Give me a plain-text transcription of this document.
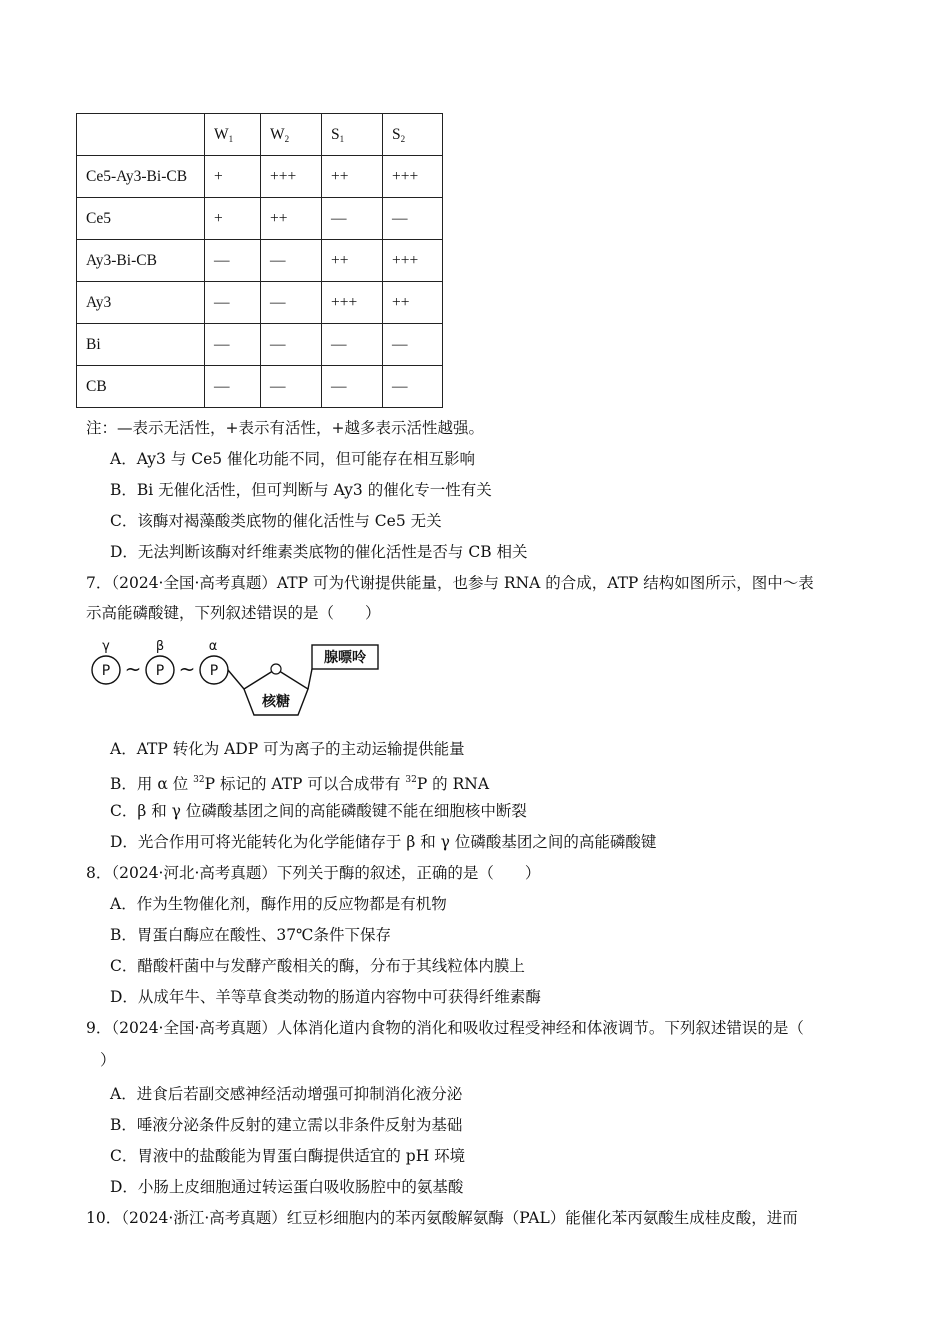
	$W_1$	$W_2$	$S_1$	$S_2$
Ce5-Ay3-Bi-CB	+	+++	++	+++
Ce5	+	++	—	—
Ay3-Bi-CB	—	—	++	+++
Ay3	—	—	+++	++
Bi	—	—	—	—
CB	—	—	—	—
注：—表示无活性，+表示有活性，+越多表示活性越强。
A．Ay3 与 Ce5 催化功能不同，但可能存在相互影响
B．Bi 无催化活性，但可判断与 Ay3 的催化专一性有关
C．该酶对褐藻酸类底物的催化活性与 Ce5 无关
D．无法判断该酶对纤维素类底物的催化活性是否与 CB 相关
7．（2024·全国·高考真题）ATP 可为代谢提供能量，也参与 RNA 的合成，ATP 结构如图所示，图中～表
示高能磷酸键，下列叙述错误的是（　　）
γ	β	α
P ~ P ~ P
核糖
腺嘌呤
A．ATP 转化为 ADP 可为离子的主动运输提供能量
B．用 α 位 $^{32}$P 标记的 ATP 可以合成带有 $^{32}$P 的 RNA
C．β 和 γ 位磷酸基团之间的高能磷酸键不能在细胞核中断裂
D．光合作用可将光能转化为化学能储存于 β 和 γ 位磷酸基团之间的高能磷酸键
8．（2024·河北·高考真题）下列关于酶的叙述，正确的是（　　）
A．作为生物催化剂，酶作用的反应物都是有机物
B．胃蛋白酶应在酸性、37℃条件下保存
C．醋酸杆菌中与发酵产酸相关的酶，分布于其线粒体内膜上
D．从成年牛、羊等草食类动物的肠道内容物中可获得纤维素酶
9．（2024·全国·高考真题）人体消化道内食物的消化和吸收过程受神经和体液调节。下列叙述错误的是（
）
A．进食后若副交感神经活动增强可抑制消化液分泌
B．唾液分泌条件反射的建立需以非条件反射为基础
C．胃液中的盐酸能为胃蛋白酶提供适宜的 pH 环境
D．小肠上皮细胞通过转运蛋白吸收肠腔中的氨基酸
10．（2024·浙江·高考真题）红豆杉细胞内的苯丙氨酸解氨酶（PAL）能催化苯丙氨酸生成桂皮酸，进而
